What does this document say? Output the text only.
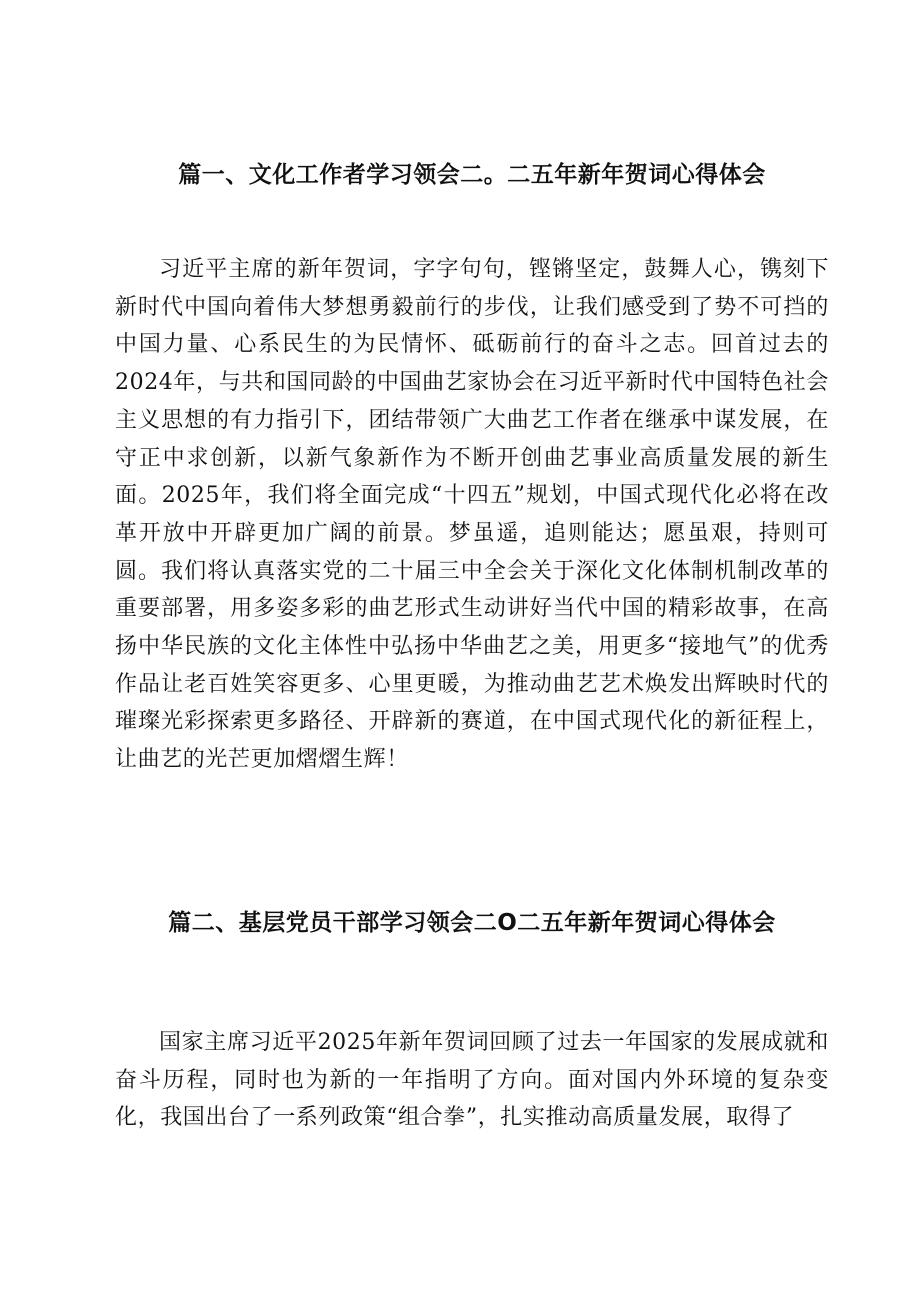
篇一、文化工作者学习领会二。二五年新年贺词心得体会

习近平主席的新年贺词，字字句句，铿锵坚定，鼓舞人心，镌刻下新时代中国向着伟大梦想勇毅前行的步伐，让我们感受到了势不可挡的中国力量、心系民生的为民情怀、砥砺前行的奋斗之志。回首过去的2024年，与共和国同龄的中国曲艺家协会在习近平新时代中国特色社会主义思想的有力指引下，团结带领广大曲艺工作者在继承中谋发展，在守正中求创新，以新气象新作为不断开创曲艺事业高质量发展的新生面。2025年，我们将全面完成“十四五”规划，中国式现代化必将在改革开放中开辟更加广阔的前景。梦虽遥，追则能达；愿虽艰，持则可圆。我们将认真落实党的二十届三中全会关于深化文化体制机制改革的重要部署，用多姿多彩的曲艺形式生动讲好当代中国的精彩故事，在高扬中华民族的文化主体性中弘扬中华曲艺之美，用更多“接地气”的优秀作品让老百姓笑容更多、心里更暖，为推动曲艺艺术焕发出辉映时代的璀璨光彩探索更多路径、开辟新的赛道，在中国式现代化的新征程上，让曲艺的光芒更加熠熠生辉！

篇二、基层党员干部学习领会二O二五年新年贺词心得体会

国家主席习近平2025年新年贺词回顾了过去一年国家的发展成就和奋斗历程，同时也为新的一年指明了方向。面对国内外环境的复杂变化，我国出台了一系列政策“组合拳”，扎实推动高质量发展，取得了
